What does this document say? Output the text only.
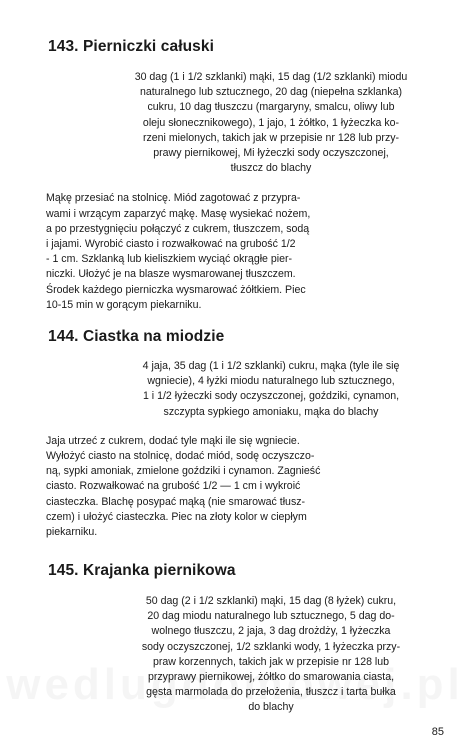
143. Pierniczki całuski
30 dag (1 i 1/2 szklanki) mąki, 15 dag (1/2 szklanki) miodu
naturalnego lub sztucznego, 20 dag (niepełna szklanka)
cukru, 10 dag tłuszczu (margaryny, smalcu, oliwy lub
oleju słonecznikowego), 1 jajo, 1 żółtko, 1 łyżeczka ko-
rzeni mielonych, takich jak w przepisie nr 128 lub przy-
prawy piernikowej, Mi łyżeczki sody oczyszczonej,
tłuszcz do blachy
Mąkę przesiać na stolnicę. Miód zagotować z przypra-
wami i wrzącym zaparzyć mąkę. Masę wysiekać nożem,
a po przestygnięciu połączyć z cukrem, tłuszczem, sodą
i jajami. Wyrobić ciasto i rozwałkować na grubość 1/2
- 1 cm. Szklanką lub kieliszkiem wyciąć okrągłe pier-
niczki. Ułożyć je na blasze wysmarowanej tłuszczem.
Środek każdego pierniczka wysmarować żółtkiem. Piec
10-15 min w gorącym piekarniku.
144. Ciastka na miodzie
4 jaja, 35 dag (1 i 1/2 szklanki) cukru, mąka (tyle ile się
wgniecie), 4 łyżki miodu naturalnego lub sztucznego,
1 i 1/2 łyżeczki sody oczyszczonej, goździki, cynamon,
szczypta sypkiego amoniaku, mąka do blachy
Jaja utrzeć z cukrem, dodać tyle mąki ile się wgniecie.
Wyłożyć ciasto na stolnicę, dodać miód, sodę oczyszczo-
ną, sypki amoniak, zmielone goździki i cynamon. Zagnieść
ciasto. Rozwałkować na grubość 1/2 — 1 cm i wykroić
ciasteczka. Blachę posypać mąką (nie smarować tłusz-
czem) i ułożyć ciasteczka. Piec na złoty kolor w ciepłym
piekarniku.
145. Krajanka piernikowa
50 dag (2 i 1/2 szklanki) mąki, 15 dag (8 łyżek) cukru,
20 dag miodu naturalnego lub sztucznego, 5 dag do-
wolnego tłuszczu, 2 jaja, 3 dag drożdży, 1 łyżeczka
sody oczyszczonej, 1/2 szklanki wody, 1 łyżeczka przy-
praw korzennych, takich jak w przepisie nr 128 lub
przyprawy piernikowej, żółtko do smarowania ciasta,
gęsta marmolada do przełożenia, tłuszcz i tarta bułka
do blachy
85
